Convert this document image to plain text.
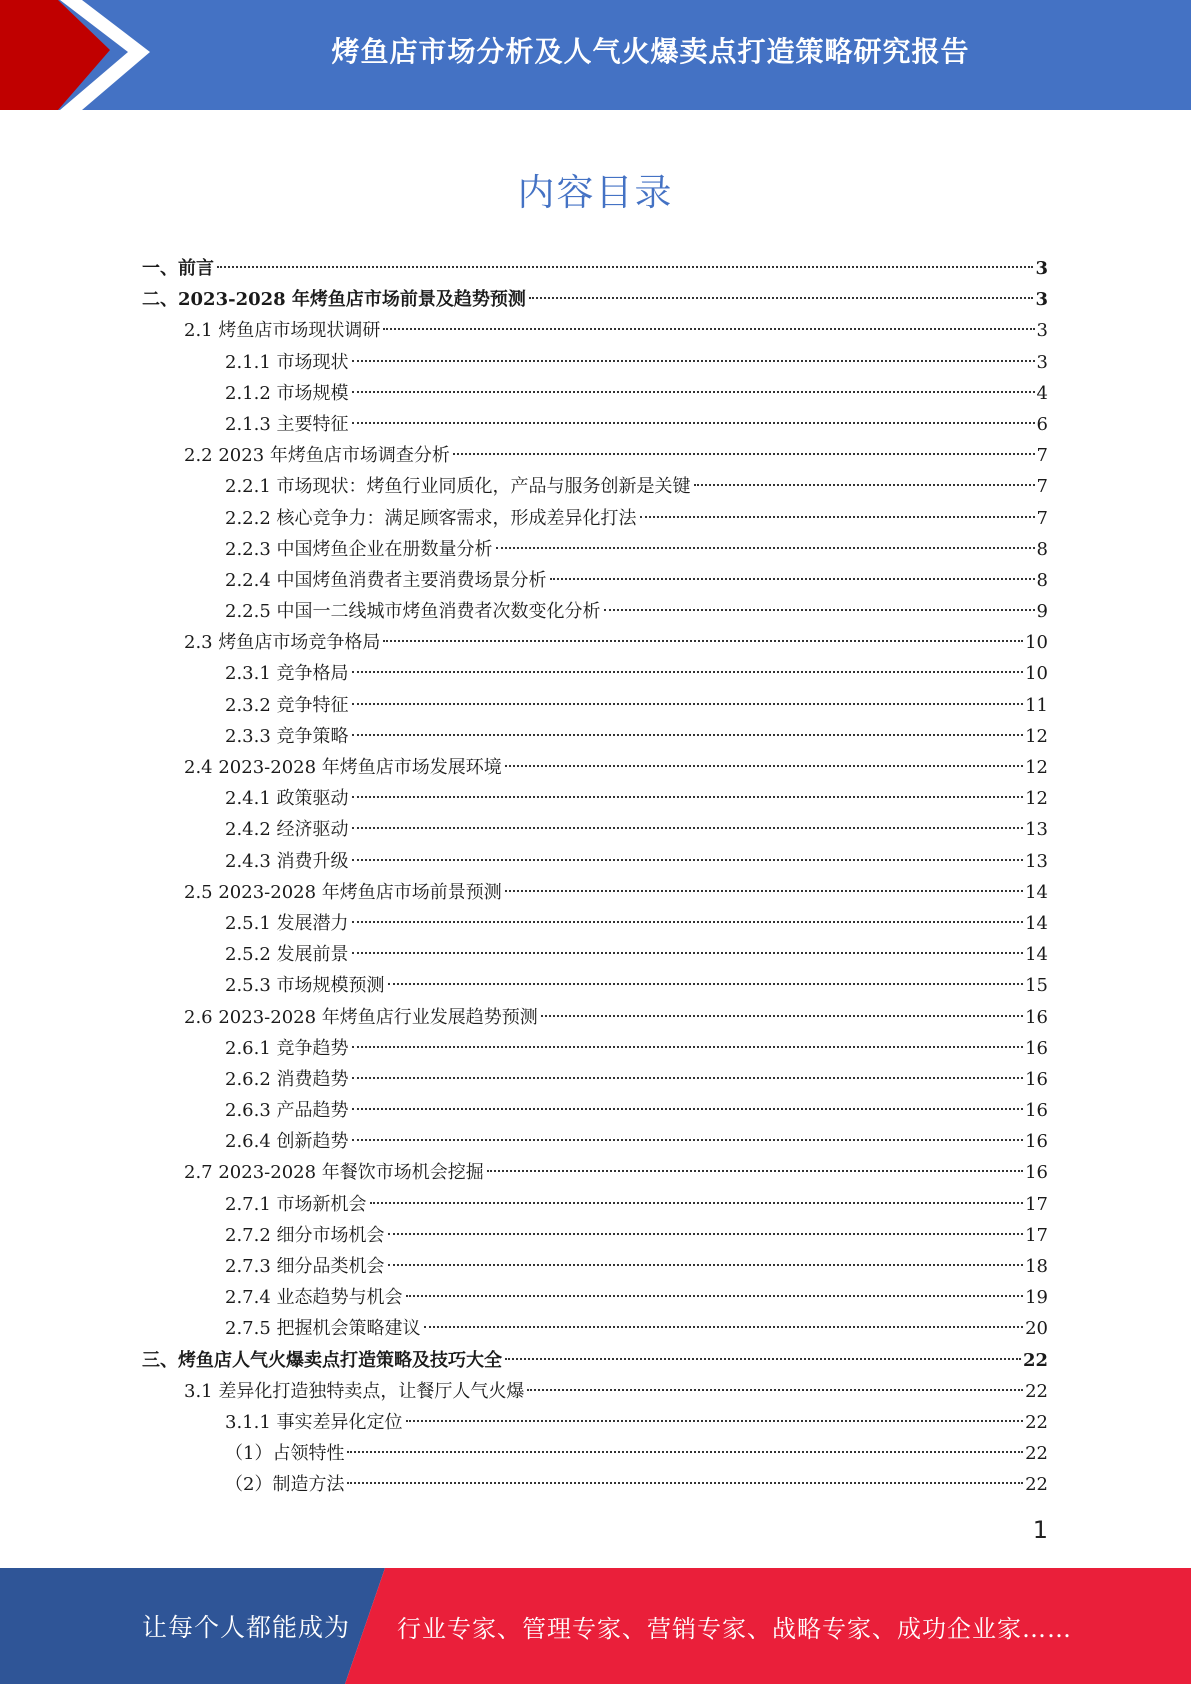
烤鱼店市场分析及人气火爆卖点打造策略研究报告
内容目录
一、前言	3
二、2023-2028 年烤鱼店市场前景及趋势预测	3
2.1 烤鱼店市场现状调研	3
2.1.1 市场现状	3
2.1.2 市场规模	4
2.1.3 主要特征	6
2.2 2023 年烤鱼店市场调查分析	7
2.2.1 市场现状：烤鱼行业同质化，产品与服务创新是关键	7
2.2.2 核心竞争力：满足顾客需求，形成差异化打法	7
2.2.3 中国烤鱼企业在册数量分析	8
2.2.4 中国烤鱼消费者主要消费场景分析	8
2.2.5 中国一二线城市烤鱼消费者次数变化分析	9
2.3 烤鱼店市场竞争格局	10
2.3.1 竞争格局	10
2.3.2 竞争特征	11
2.3.3 竞争策略	12
2.4 2023-2028 年烤鱼店市场发展环境	12
2.4.1 政策驱动	12
2.4.2 经济驱动	13
2.4.3 消费升级	13
2.5 2023-2028 年烤鱼店市场前景预测	14
2.5.1 发展潜力	14
2.5.2 发展前景	14
2.5.3 市场规模预测	15
2.6 2023-2028 年烤鱼店行业发展趋势预测	16
2.6.1 竞争趋势	16
2.6.2 消费趋势	16
2.6.3 产品趋势	16
2.6.4 创新趋势	16
2.7 2023-2028 年餐饮市场机会挖掘	16
2.7.1 市场新机会	17
2.7.2 细分市场机会	17
2.7.3 细分品类机会	18
2.7.4 业态趋势与机会	19
2.7.5 把握机会策略建议	20
三、烤鱼店人气火爆卖点打造策略及技巧大全	22
3.1 差异化打造独特卖点，让餐厅人气火爆	22
3.1.1 事实差异化定位	22
（1）占领特性	22
（2）制造方法	22
1
让每个人都能成为 行业专家、管理专家、营销专家、战略专家、成功企业家……
